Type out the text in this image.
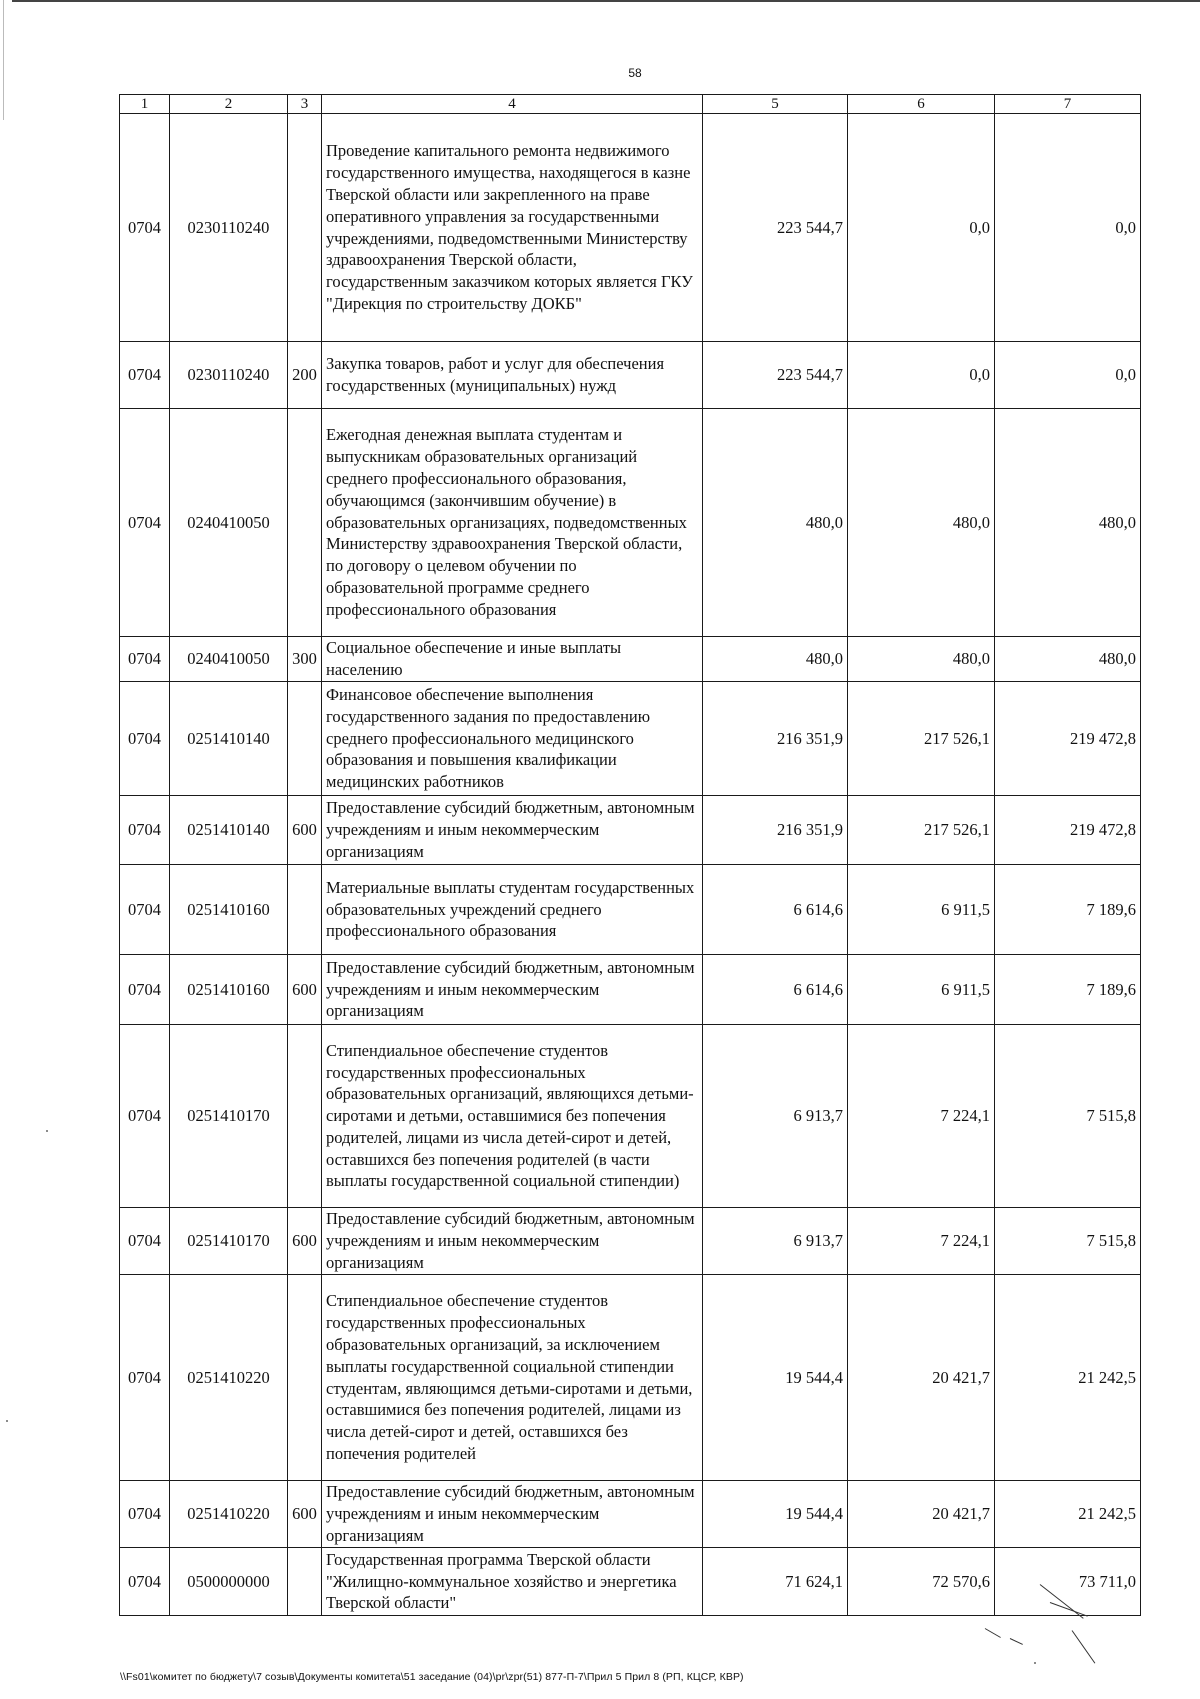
58
1	2	3	4	5	6	7
0704	0230110240		Проведение капитального ремонта недвижимого государственного имущества, находящегося в казне Тверской области или закрепленного на праве оперативного управления за государственными учреждениями, подведомственными Министерству здравоохранения Тверской области, государственным заказчиком которых является ГКУ "Дирекция по строительству ДОКБ"	223 544,7	0,0	0,0
0704	0230110240	200	Закупка товаров, работ и услуг для обеспечения государственных (муниципальных) нужд	223 544,7	0,0	0,0
0704	0240410050		Ежегодная денежная выплата студентам и выпускникам образовательных организаций среднего профессионального образования, обучающимся (закончившим обучение) в образовательных организациях, подведомственных Министерству здравоохранения Тверской области, по договору о целевом обучении по образовательной программе среднего профессионального образования	480,0	480,0	480,0
0704	0240410050	300	Социальное обеспечение и иные выплаты населению	480,0	480,0	480,0
0704	0251410140		Финансовое обеспечение выполнения государственного задания по предоставлению среднего профессионального медицинского образования и повышения квалификации медицинских работников	216 351,9	217 526,1	219 472,8
0704	0251410140	600	Предоставление субсидий бюджетным, автономным учреждениям и иным некоммерческим организациям	216 351,9	217 526,1	219 472,8
0704	0251410160		Материальные выплаты студентам государственных образовательных учреждений среднего профессионального образования	6 614,6	6 911,5	7 189,6
0704	0251410160	600	Предоставление субсидий бюджетным, автономным учреждениям и иным некоммерческим организациям	6 614,6	6 911,5	7 189,6
0704	0251410170		Стипендиальное обеспечение студентов государственных профессиональных образовательных организаций, являющихся детьми-сиротами и детьми, оставшимися без попечения родителей, лицами из числа детей-сирот и детей, оставшихся без попечения родителей (в части выплаты государственной социальной стипендии)	6 913,7	7 224,1	7 515,8
0704	0251410170	600	Предоставление субсидий бюджетным, автономным учреждениям и иным некоммерческим организациям	6 913,7	7 224,1	7 515,8
0704	0251410220		Стипендиальное обеспечение студентов государственных профессиональных образовательных организаций, за исключением выплаты государственной социальной стипендии студентам, являющимся детьми-сиротами и детьми, оставшимися без попечения родителей, лицами из числа детей-сирот и детей, оставшихся без попечения родителей	19 544,4	20 421,7	21 242,5
0704	0251410220	600	Предоставление субсидий бюджетным, автономным учреждениям и иным некоммерческим организациям	19 544,4	20 421,7	21 242,5
0704	0500000000		Государственная программа Тверской области "Жилищно-коммунальное хозяйство и энергетика Тверской области"	71 624,1	72 570,6	73 711,0
\\Fs01\комитет по бюджету\7 созыв\Документы комитета\51 заседание (04)\pr\zpr(51) 877-П-7\Прил 5 Прил 8 (РП, КЦСР, КВР)
